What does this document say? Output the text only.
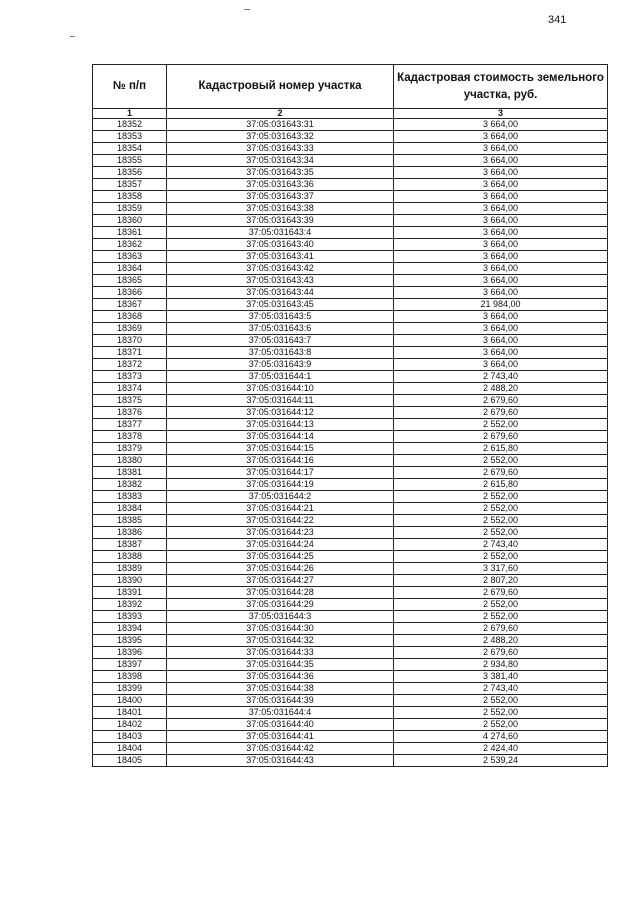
341
№ п/п	Кадастровый номер участка	Кадастровая стоимость земельного участка, руб.
1	2	3
18352	37:05:031643:31	3 664,00
18353	37:05:031643:32	3 664,00
18354	37:05:031643:33	3 664,00
18355	37:05:031643:34	3 664,00
18356	37:05:031643:35	3 664,00
18357	37:05:031643:36	3 664,00
18358	37:05:031643:37	3 664,00
18359	37:05:031643:38	3 664,00
18360	37:05:031643:39	3 664,00
18361	37:05:031643:4	3 664,00
18362	37:05:031643:40	3 664,00
18363	37:05:031643:41	3 664,00
18364	37:05:031643:42	3 664,00
18365	37:05:031643:43	3 664,00
18366	37:05:031643:44	3 664,00
18367	37:05:031643:45	21 984,00
18368	37:05:031643:5	3 664,00
18369	37:05:031643:6	3 664,00
18370	37:05:031643:7	3 664,00
18371	37:05:031643:8	3 664,00
18372	37:05:031643:9	3 664,00
18373	37:05:031644:1	2 743,40
18374	37:05:031644:10	2 488,20
18375	37:05:031644:11	2 679,60
18376	37:05:031644:12	2 679,60
18377	37:05:031644:13	2 552,00
18378	37:05:031644:14	2 679,60
18379	37:05:031644:15	2 615,80
18380	37:05:031644:16	2 552,00
18381	37:05:031644:17	2 679,60
18382	37:05:031644:19	2 615,80
18383	37:05:031644:2	2 552,00
18384	37:05:031644:21	2 552,00
18385	37:05:031644:22	2 552,00
18386	37:05:031644:23	2 552,00
18387	37:05:031644:24	2 743,40
18388	37:05:031644:25	2 552,00
18389	37:05:031644:26	3 317,60
18390	37:05:031644:27	2 807,20
18391	37:05:031644:28	2 679,60
18392	37:05:031644:29	2 552,00
18393	37:05:031644:3	2 552,00
18394	37:05:031644:30	2 679,60
18395	37:05:031644:32	2 488,20
18396	37:05:031644:33	2 679,60
18397	37:05:031644:35	2 934,80
18398	37:05:031644:36	3 381,40
18399	37:05:031644:38	2 743,40
18400	37:05:031644:39	2 552,00
18401	37:05:031644:4	2 552,00
18402	37:05:031644:40	2 552,00
18403	37:05:031644:41	4 274,60
18404	37:05:031644:42	2 424,40
18405	37:05:031644:43	2 539,24
